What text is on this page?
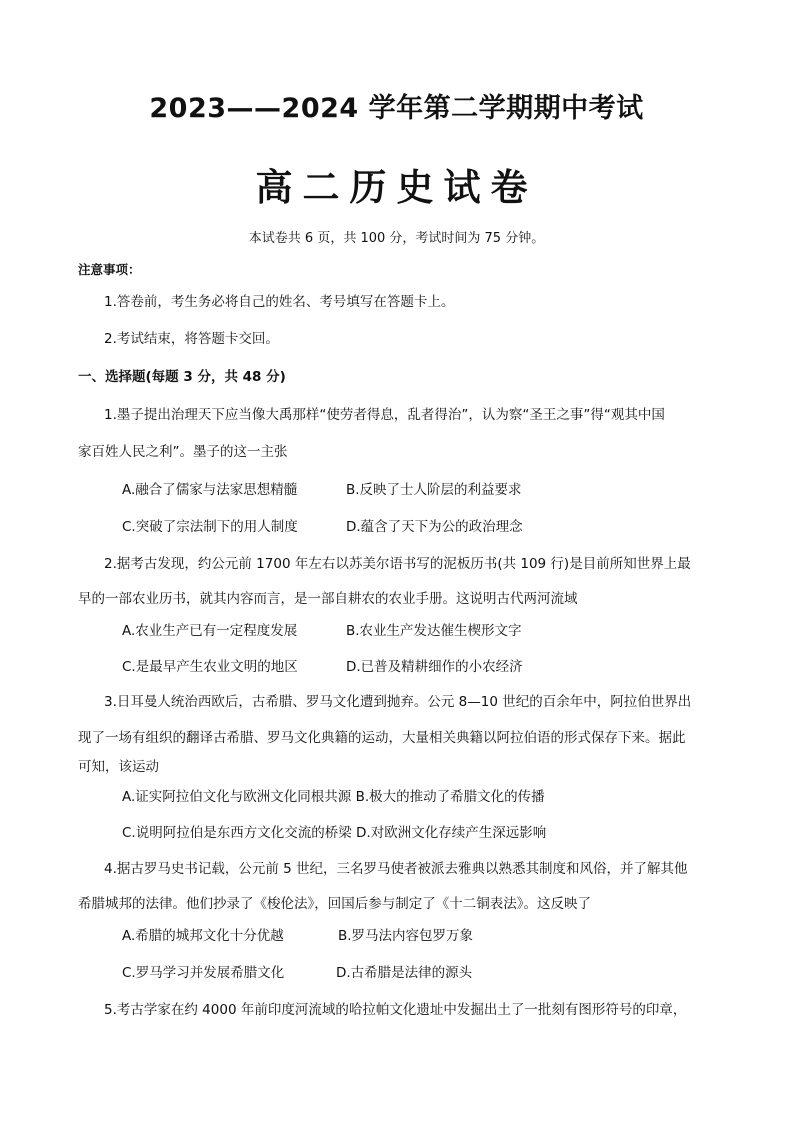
2023——2024 学年第二学期期中考试
高二历史试卷
本试卷共 6 页，共 100 分，考试时间为 75 分钟。
注意事项：
1.答卷前，考生务必将自己的姓名、考号填写在答题卡上。
2.考试结束，将答题卡交回。
一、选择题(每题 3 分，共 48 分)
1.墨子提出治理天下应当像大禹那样“使劳者得息，乱者得治”，认为察“圣王之事”得“观其中国
家百姓人民之利”。墨子的这一主张
A.融合了儒家与法家思想精髓	B.反映了士人阶层的利益要求
C.突破了宗法制下的用人制度	D.蕴含了天下为公的政治理念
2.据考古发现，约公元前 1700 年左右以苏美尔语书写的泥板历书(共 109 行)是目前所知世界上最
早的一部农业历书，就其内容而言，是一部自耕农的农业手册。这说明古代两河流域
A.农业生产已有一定程度发展	B.农业生产发达催生楔形文字
C.是最早产生农业文明的地区	D.已普及精耕细作的小农经济
3.日耳曼人统治西欧后，古希腊、罗马文化遭到抛弃。公元 8—10 世纪的百余年中，阿拉伯世界出
现了一场有组织的翻译古希腊、罗马文化典籍的运动，大量相关典籍以阿拉伯语的形式保存下来。据此
可知，该运动
A.证实阿拉伯文化与欧洲文化同根共源 B.极大的推动了希腊文化的传播
C.说明阿拉伯是东西方文化交流的桥梁 D.对欧洲文化存续产生深远影响
4.据古罗马史书记载，公元前 5 世纪，三名罗马使者被派去雅典以熟悉其制度和风俗，并了解其他
希腊城邦的法律。他们抄录了《梭伦法》，回国后参与制定了《十二铜表法》。这反映了
A.希腊的城邦文化十分优越	B.罗马法内容包罗万象
C.罗马学习并发展希腊文化	D.古希腊是法律的源头
5.考古学家在约 4000 年前印度河流域的哈拉帕文化遗址中发掘出土了一批刻有图形符号的印章，
